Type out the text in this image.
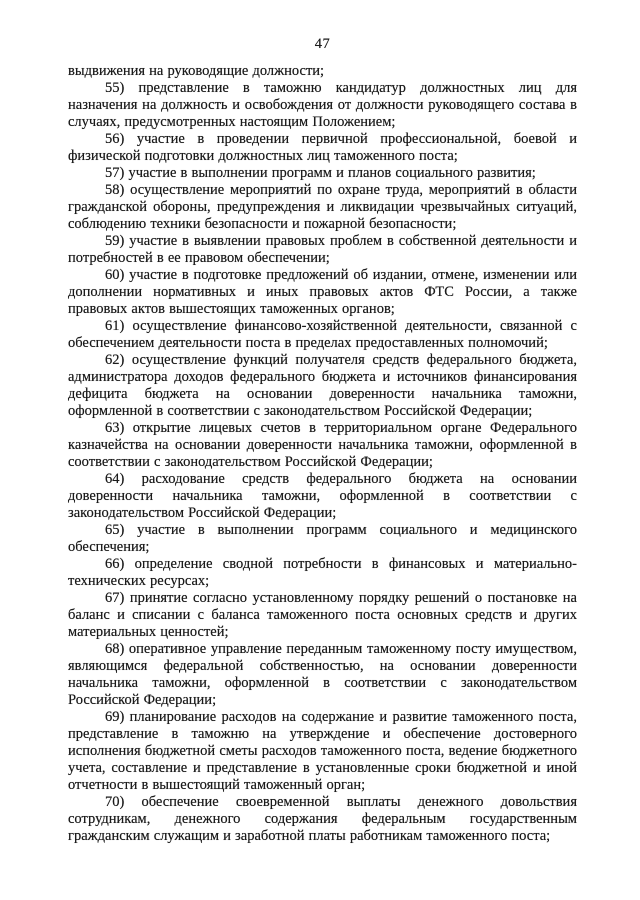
47

выдвижения на руководящие должности;

55) представление в таможню кандидатур должностных лиц для назначения на должность и освобождения от должности руководящего состава в случаях, предусмотренных настоящим Положением;

56) участие в проведении первичной профессиональной, боевой и физической подготовки должностных лиц таможенного поста;

57) участие в выполнении программ и планов социального развития;

58) осуществление мероприятий по охране труда, мероприятий в области гражданской обороны, предупреждения и ликвидации чрезвычайных ситуаций, соблюдению техники безопасности и пожарной безопасности;

59) участие в выявлении правовых проблем в собственной деятельности и потребностей в ее правовом обеспечении;

60) участие в подготовке предложений об издании, отмене, изменении или дополнении нормативных и иных правовых актов ФТС России, а также правовых актов вышестоящих таможенных органов;

61) осуществление финансово-хозяйственной деятельности, связанной с обеспечением деятельности поста в пределах предоставленных полномочий;

62) осуществление функций получателя средств федерального бюджета, администратора доходов федерального бюджета и источников финансирования дефицита бюджета на основании доверенности начальника таможни, оформленной в соответствии с законодательством Российской Федерации;

63) открытие лицевых счетов в территориальном органе Федерального казначейства на основании доверенности начальника таможни, оформленной в соответствии с законодательством Российской Федерации;

64) расходование средств федерального бюджета на основании доверенности начальника таможни, оформленной в соответствии с законодательством Российской Федерации;

65) участие в выполнении программ социального и медицинского обеспечения;

66) определение сводной потребности в финансовых и материально-технических ресурсах;

67) принятие согласно установленному порядку решений о постановке на баланс и списании с баланса таможенного поста основных средств и других материальных ценностей;

68) оперативное управление переданным таможенному посту имуществом, являющимся федеральной собственностью, на основании доверенности начальника таможни, оформленной в соответствии с законодательством Российской Федерации;

69) планирование расходов на содержание и развитие таможенного поста, представление в таможню на утверждение и обеспечение достоверного исполнения бюджетной сметы расходов таможенного поста, ведение бюджетного учета, составление и представление в установленные сроки бюджетной и иной отчетности в вышестоящий таможенный орган;

70) обеспечение своевременной выплаты денежного довольствия сотрудникам, денежного содержания федеральным государственным гражданским служащим и заработной платы работникам таможенного поста;
